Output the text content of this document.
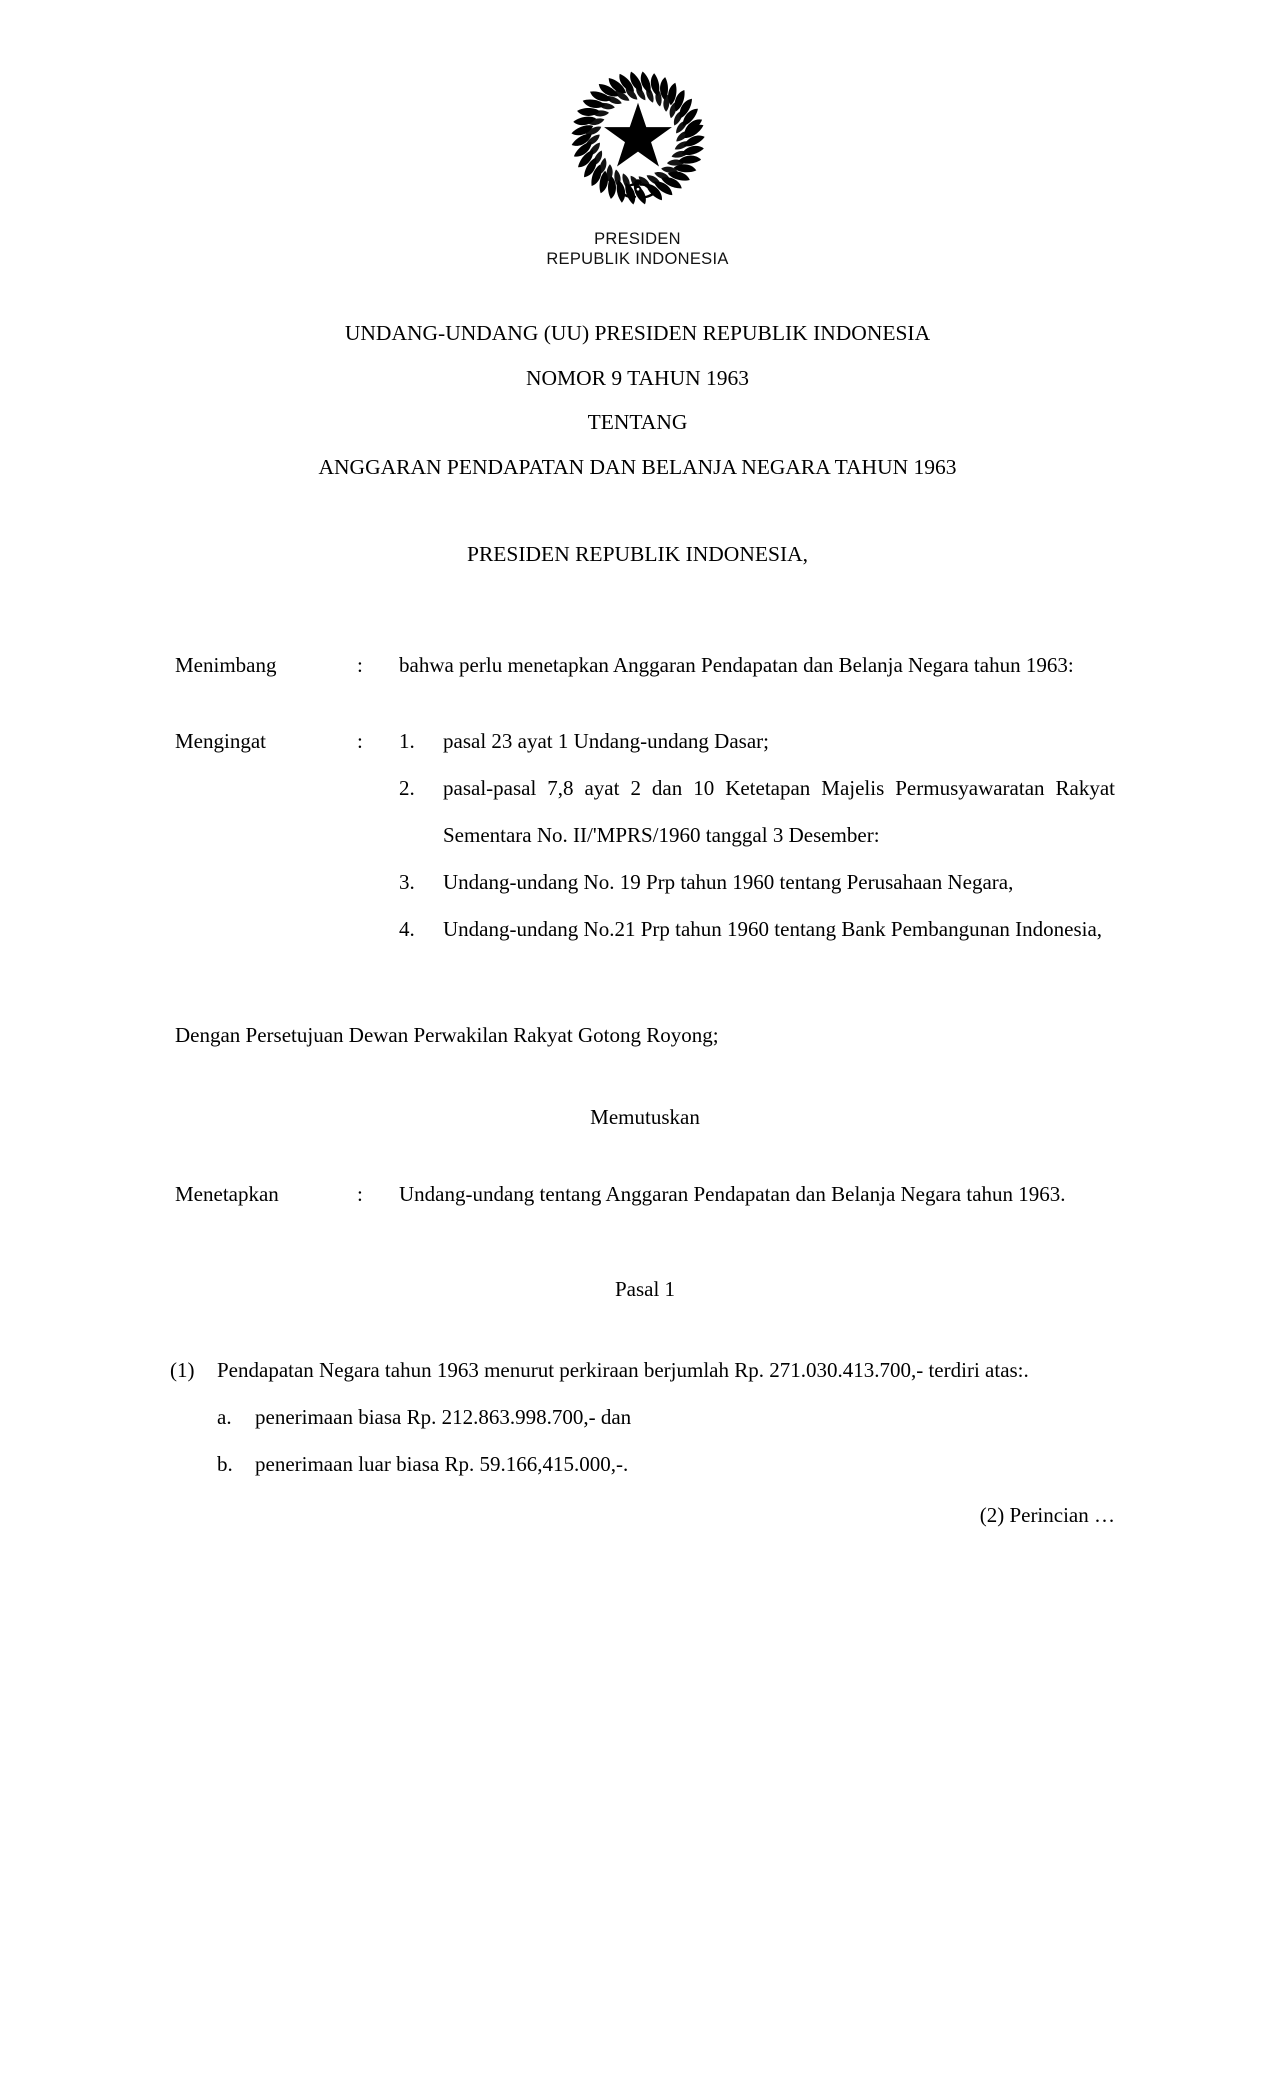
PRESIDEN
REPUBLIK INDONESIA
UNDANG-UNDANG (UU) PRESIDEN REPUBLIK INDONESIA
NOMOR 9 TAHUN 1963
TENTANG
ANGGARAN PENDAPATAN DAN BELANJA NEGARA TAHUN 1963
PRESIDEN REPUBLIK INDONESIA,
Menimbang	:	bahwa perlu menetapkan Anggaran Pendapatan dan Belanja Negara tahun 1963:
Mengingat	:	1.	pasal 23 ayat 1 Undang-undang Dasar;
2.	pasal-pasal 7,8 ayat 2 dan 10 Ketetapan Majelis Permusyawaratan Rakyat Sementara No. II/'MPRS/1960 tanggal 3 Desember:
3.	Undang-undang No. 19 Prp tahun 1960 tentang Perusahaan Negara,
4.	Undang-undang No.21 Prp tahun 1960 tentang Bank Pembangunan Indonesia,
Dengan Persetujuan Dewan Perwakilan Rakyat Gotong Royong;
Memutuskan
Menetapkan	:	Undang-undang tentang Anggaran Pendapatan dan Belanja Negara tahun 1963.
Pasal 1
(1)	Pendapatan Negara tahun 1963 menurut perkiraan berjumlah Rp. 271.030.413.700,- terdiri atas:.
a.	penerimaan biasa Rp. 212.863.998.700,- dan
b.	penerimaan luar biasa Rp. 59.166,415.000,-.
(2) Perincian …
